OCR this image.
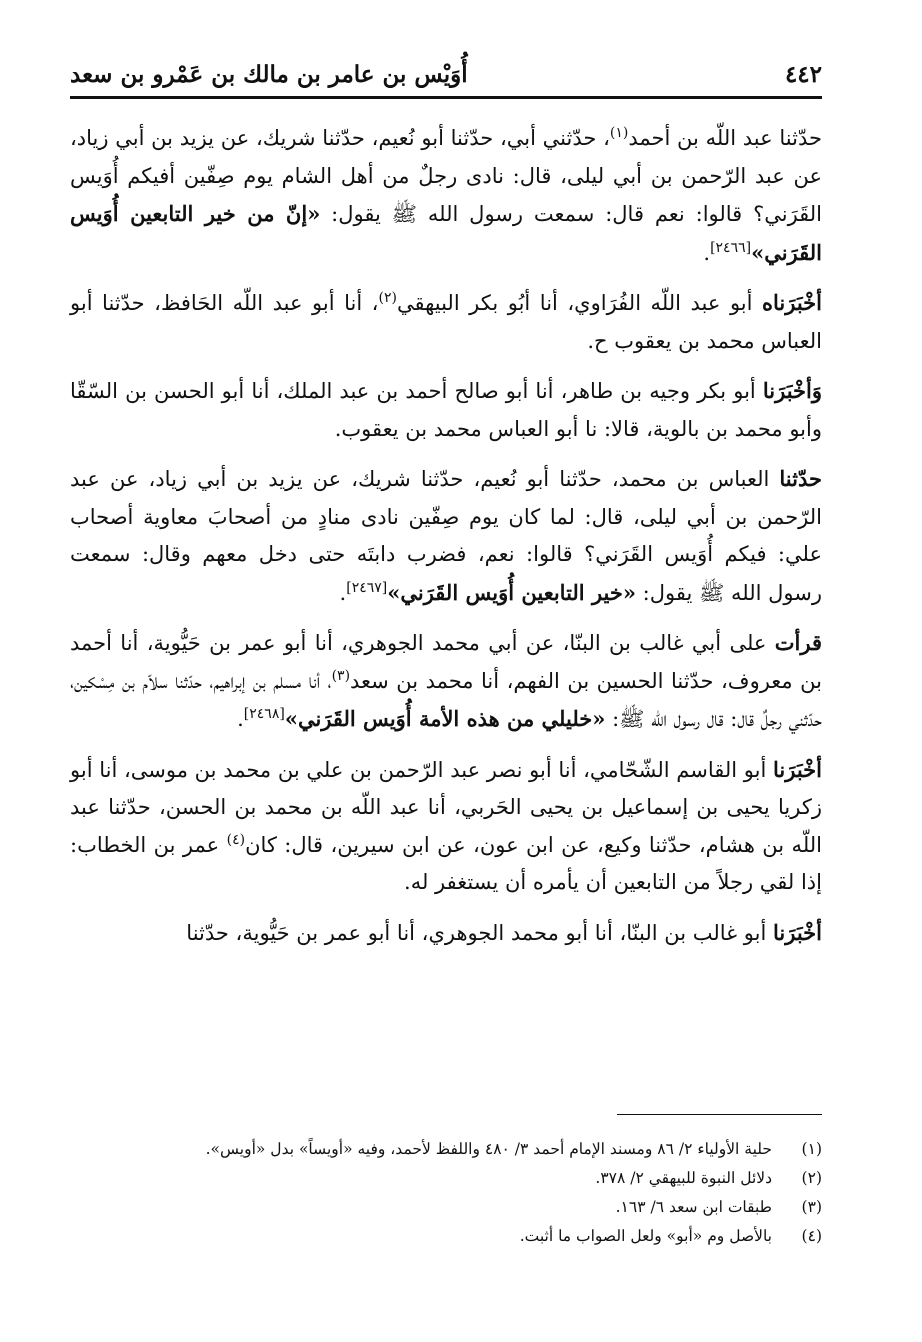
٤٤٢
أُوَيْس بن عامر بن مالك بن عَمْرو بن سعد

حدّثنا عبد اللّه بن أحمد$^{(١)}$، حدّثني أبي، حدّثنا أبو نُعيم، حدّثنا شريك، عن يزيد بن أبي زياد، عن عبد الرّحمن بن أبي ليلى، قال: نادى رجلٌ من أهل الشام يوم صِفّين أفيكم أُوَيس القَرَني؟ قالوا: نعم قال: سمعت رسول الله ﷺ يقول: «إنّ من خير التابعين أُوَيس القَرَني»[٢٤٦٦].

أخْبَرَناه أبو عبد اللّه الفُرَاوي، أنا أبُو بكر البيهقي$^{(٢)}$، أنا أبو عبد اللّه الحَافظ، حدّثنا أبو العباس محمد بن يعقوب ح.

وَأخْبَرَنا أبو بكر وجيه بن طاهر، أنا أبو صالح أحمد بن عبد الملك، أنا أبو الحسن بن السّقّا وأبو محمد بن بالوية، قالا: نا أبو العباس محمد بن يعقوب.

حدّثنا العباس بن محمد، حدّثنا أبو نُعيم، حدّثنا شريك، عن يزيد بن أبي زياد، عن عبد الرّحمن بن أبي ليلى، قال: لما كان يوم صِفّين نادى منادٍ من أصحابَ معاوية أصحاب علي: فيكم أُوَيس القَرَني؟ قالوا: نعم، فضرب دابتَه حتى دخل معهم وقال: سمعت رسول الله ﷺ يقول: «خير التابعين أُوَيس القَرَني»[٢٤٦٧].

قرأت على أبي غالب بن البنّا، عن أبي محمد الجوهري، أنا أبو عمر بن حَيُّوية، أنا أحمد بن معروف، حدّثنا الحسين بن الفهم، أنا محمد بن سعد$^{(٣)}$، أنا مسلم بن إبراهيم، حدّثنا سلاّم بن مِسْكين، حدّثني رجلٌ قال: قال رسول الله ﷺ: «خليلي من هذه الأمة أُوَيس القَرَني»[٢٤٦٨].

أخْبَرَنا أبو القاسم الشّحّامي، أنا أبو نصر عبد الرّحمن بن علي بن محمد بن موسى، أنا أبو زكريا يحيى بن إسماعيل بن يحيى الحَربي، أنا عبد اللّه بن محمد بن الحسن، حدّثنا عبد اللّه بن هشام، حدّثنا وكيع، عن ابن عون، عن ابن سيرين، قال: كان$^{(٤)}$ عمر بن الخطاب: إذا لقي رجلاً من التابعين أن يأمره أن يستغفر له.

أخْبَرَنا أبو غالب بن البنّا، أنا أبو محمد الجوهري، أنا أبو عمر بن حَيُّوية، حدّثنا

(١)
حلية الأولياء ٢/ ٨٦ ومسند الإمام أحمد ٣/ ٤٨٠ واللفظ لأحمد، وفيه «أويساً» بدل «أويس».
(٢)
دلائل النبوة للبيهقي ٢/ ٣٧٨.
(٣)
طبقات ابن سعد ٦/ ١٦٣.
(٤)
بالأصل وم «أبو» ولعل الصواب ما أثبت.
